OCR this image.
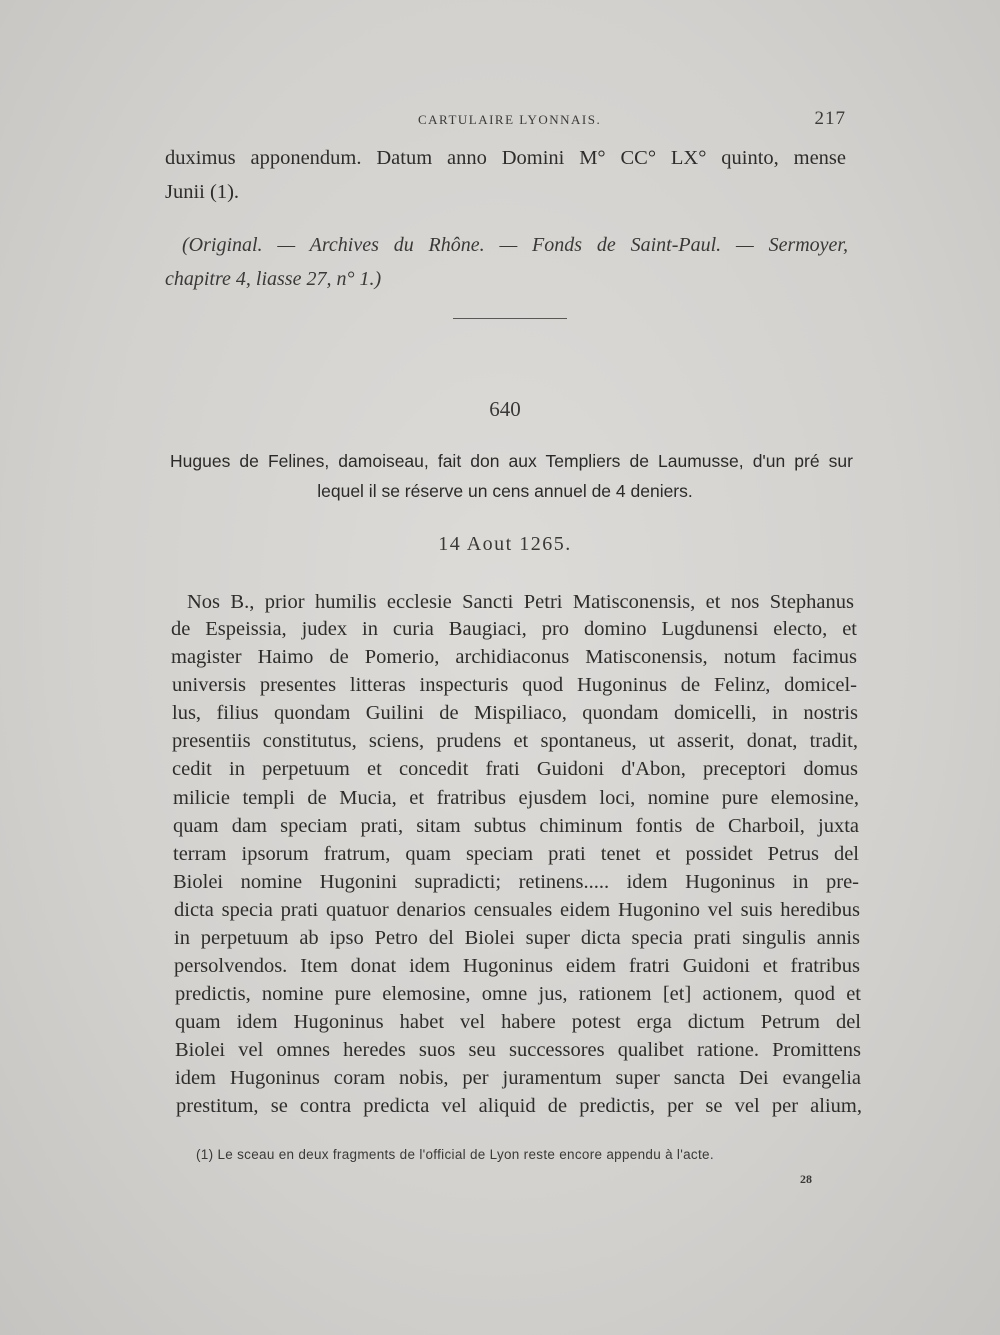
CARTULAIRE LYONNAIS.	217
duximus apponendum. Datum anno Domini M° CC° LX° quinto, mense
Junii (1).
(Original. — Archives du Rhône. — Fonds de Saint-Paul. — Sermoyer,
chapitre 4, liasse 27, n° 1.)
640
Hugues de Felines, damoiseau, fait don aux Templiers de Laumusse, d'un pré sur
lequel il se réserve un cens annuel de 4 deniers.
14 Aout 1265.
Nos B., prior humilis ecclesie Sancti Petri Matisconensis, et nos Stephanus
de Espeissia, judex in curia Baugiaci, pro domino Lugdunensi electo, et
magister Haimo de Pomerio, archidiaconus Matisconensis, notum facimus
universis presentes litteras inspecturis quod Hugoninus de Felinz, domicel-
lus, filius quondam Guilini de Mispiliaco, quondam domicelli, in nostris
presentiis constitutus, sciens, prudens et spontaneus, ut asserit, donat, tradit,
cedit in perpetuum et concedit frati Guidoni d'Abon, preceptori domus
milicie templi de Mucia, et fratribus ejusdem loci, nomine pure elemosine,
quam dam speciam prati, sitam subtus chiminum fontis de Charboil, juxta
terram ipsorum fratrum, quam speciam prati tenet et possidet Petrus del
Biolei nomine Hugonini supradicti; retinens..... idem Hugoninus in pre-
dicta specia prati quatuor denarios censuales eidem Hugonino vel suis heredibus
in perpetuum ab ipso Petro del Biolei super dicta specia prati singulis annis
persolvendos. Item donat idem Hugoninus eidem fratri Guidoni et fratribus
predictis, nomine pure elemosine, omne jus, rationem [et] actionem, quod et
quam idem Hugoninus habet vel habere potest erga dictum Petrum del
Biolei vel omnes heredes suos seu successores qualibet ratione. Promittens
idem Hugoninus coram nobis, per juramentum super sancta Dei evangelia
prestitum, se contra predicta vel aliquid de predictis, per se vel per alium,
(1) Le sceau en deux fragments de l'official de Lyon reste encore appendu à l'acte.
28
